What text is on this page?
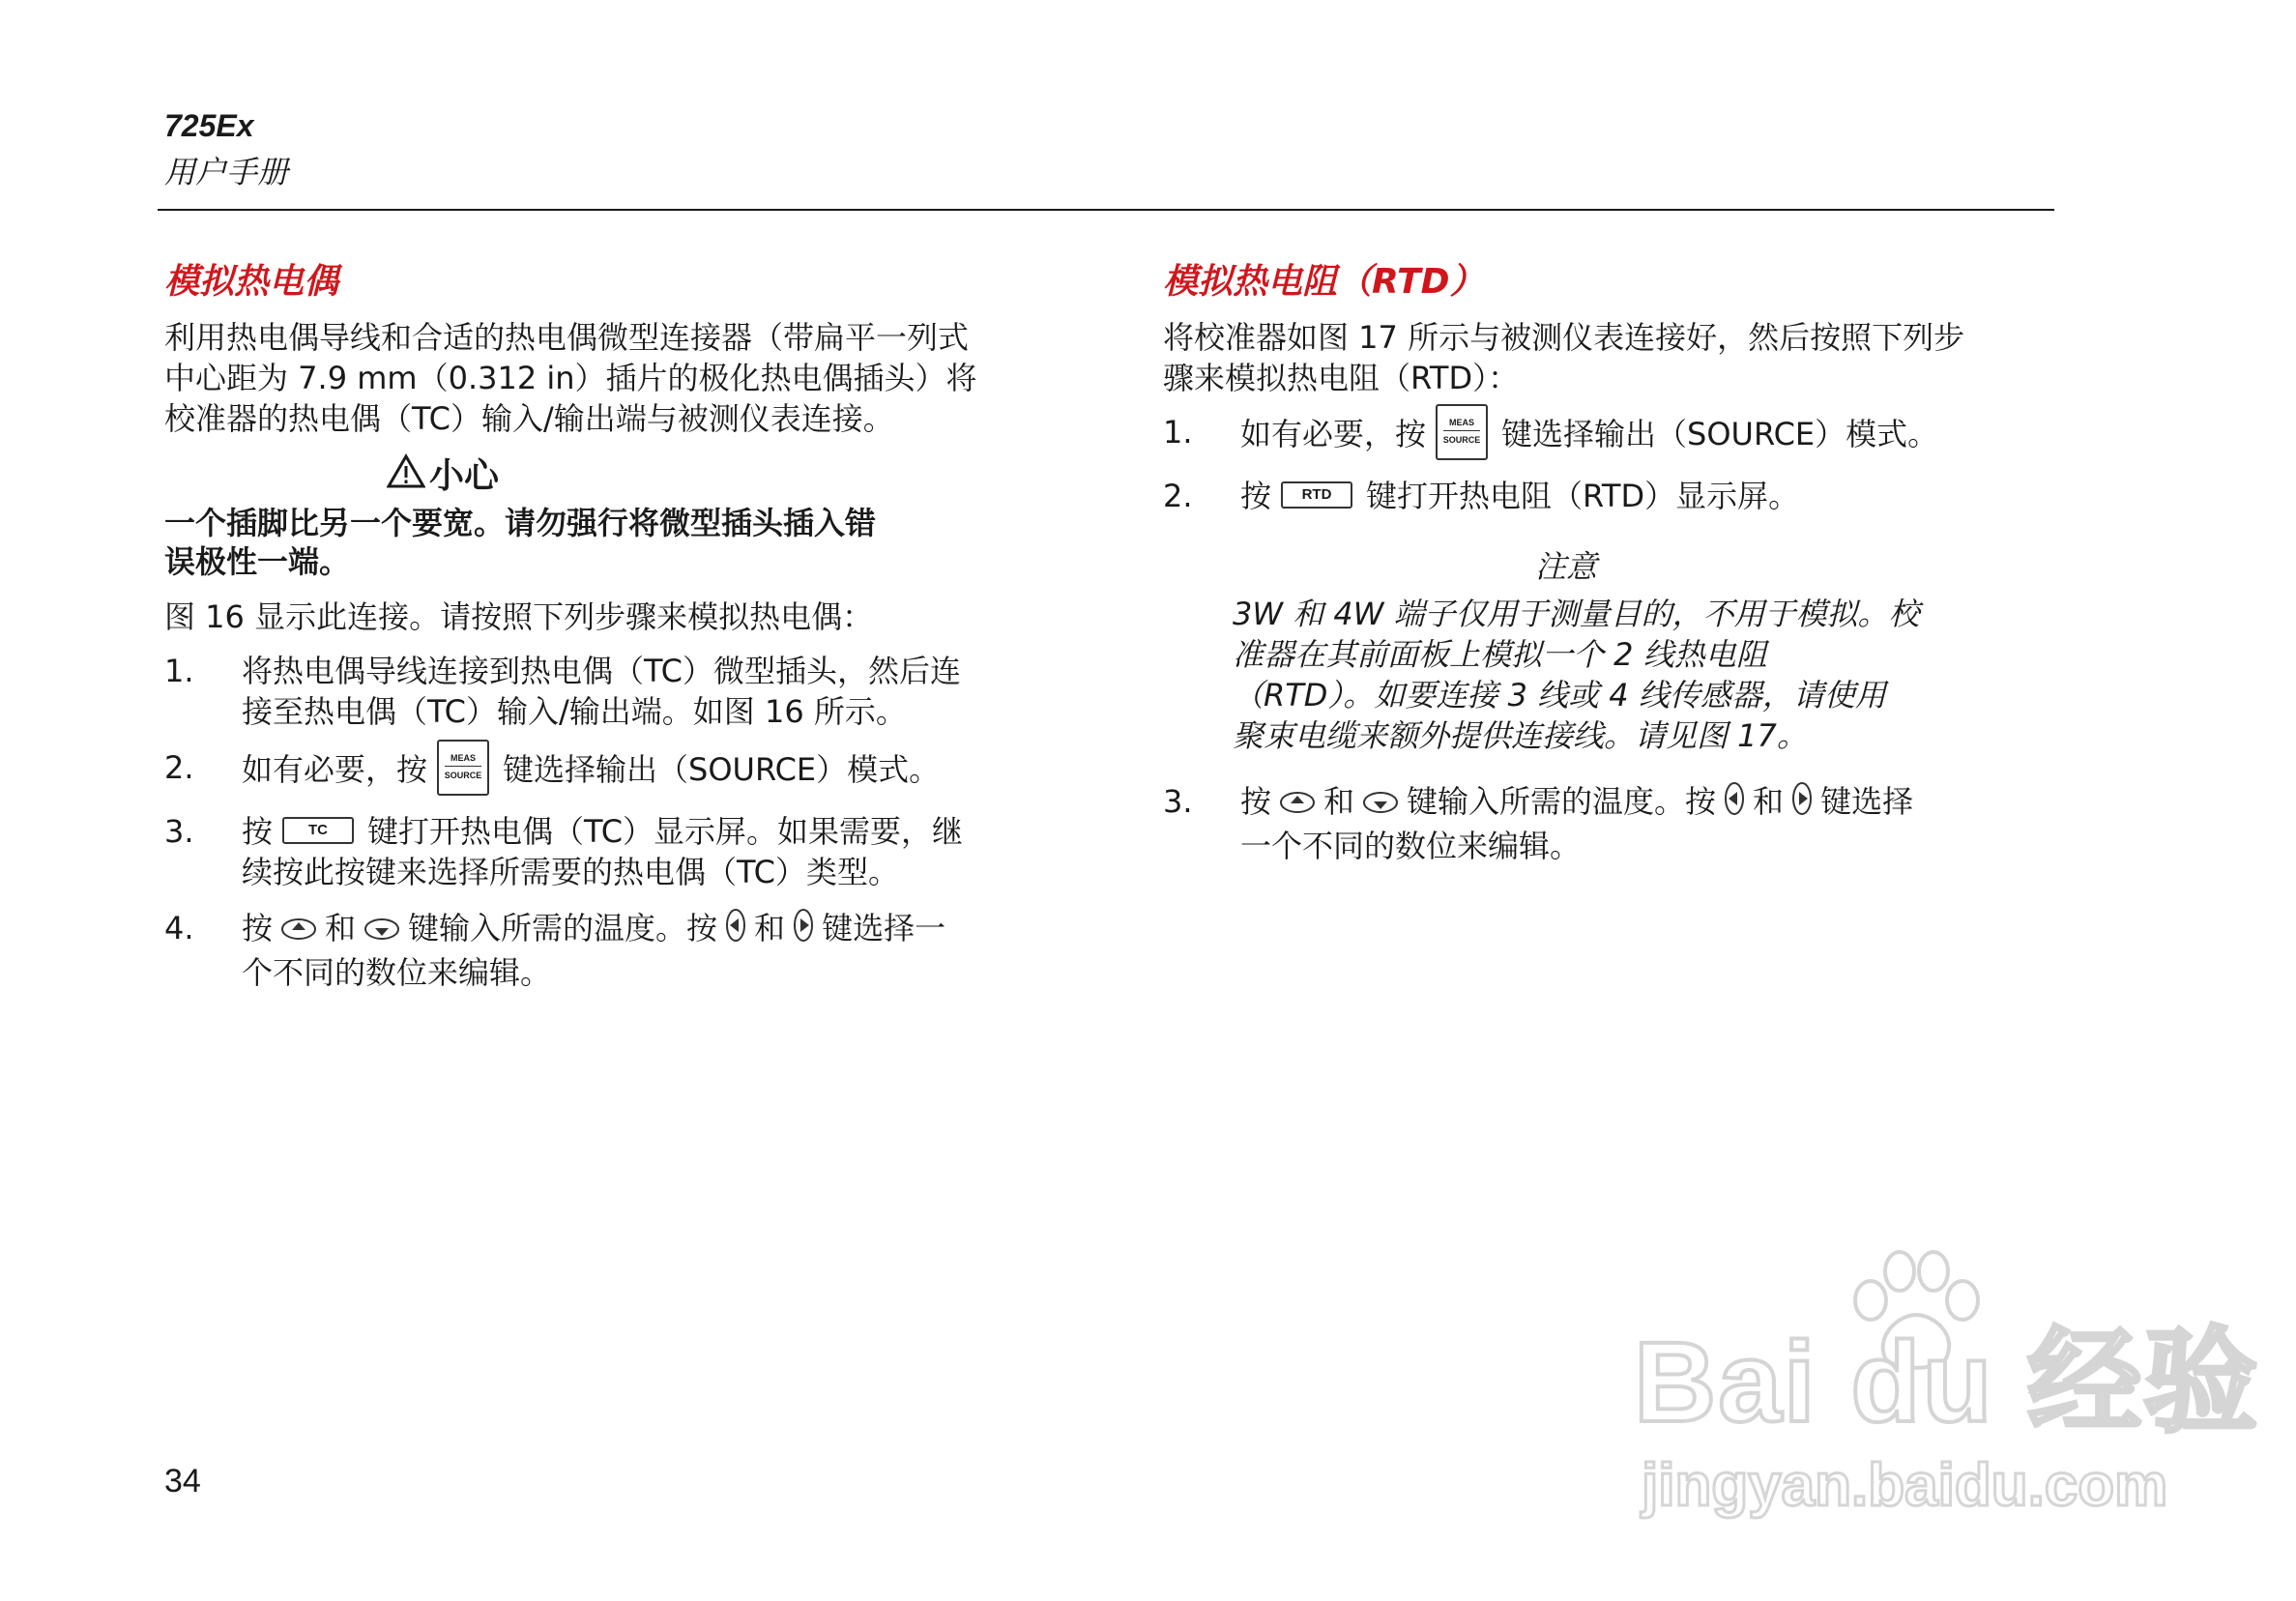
725Ex
用户手册
模拟热电偶
利用热电偶导线和合适的热电偶微型连接器（带扁平一列式
中心距为 7.9 mm（0.312 in）插片的极化热电偶插头）将
校准器的热电偶（TC）输入/输出端与被测仪表连接。
小心
一个插脚比另一个要宽。请勿强行将微型插头插入错
误极性一端。
图 16 显示此连接。请按照下列步骤来模拟热电偶：
1.	将热电偶导线连接到热电偶（TC）微型插头，然后连
接至热电偶（TC）输入/输出端。如图 16 所示。
2.	如有必要，按	MEAS
SOURCE 键选择输出（SOURCE）模式。
3.	按 TC 键打开热电偶（TC）显示屏。如果需要，继
续按此按键来选择所需要的热电偶（TC）类型。
4.	按 和 键输入所需的温度。按 和 键选择一
个不同的数位来编辑。
模拟热电阻（RTD）
将校准器如图 17 所示与被测仪表连接好，然后按照下列步
骤来模拟热电阻（RTD）：
1.	如有必要，按	MEAS
SOURCE 键选择输出（SOURCE）模式。
2.	按 RTD 键打开热电阻（RTD）显示屏。
注意
3W 和 4W 端子仅用于测量目的，不用于模拟。校
准器在其前面板上模拟一个 2 线热电阻
（RTD）。如要连接 3 线或 4 线传感器，请使用
聚束电缆来额外提供连接线。请见图 17。
3.	按 和 键输入所需的温度。按 和 键选择
一个不同的数位来编辑。
34
Bai du 经验
jingyan.baidu.com
